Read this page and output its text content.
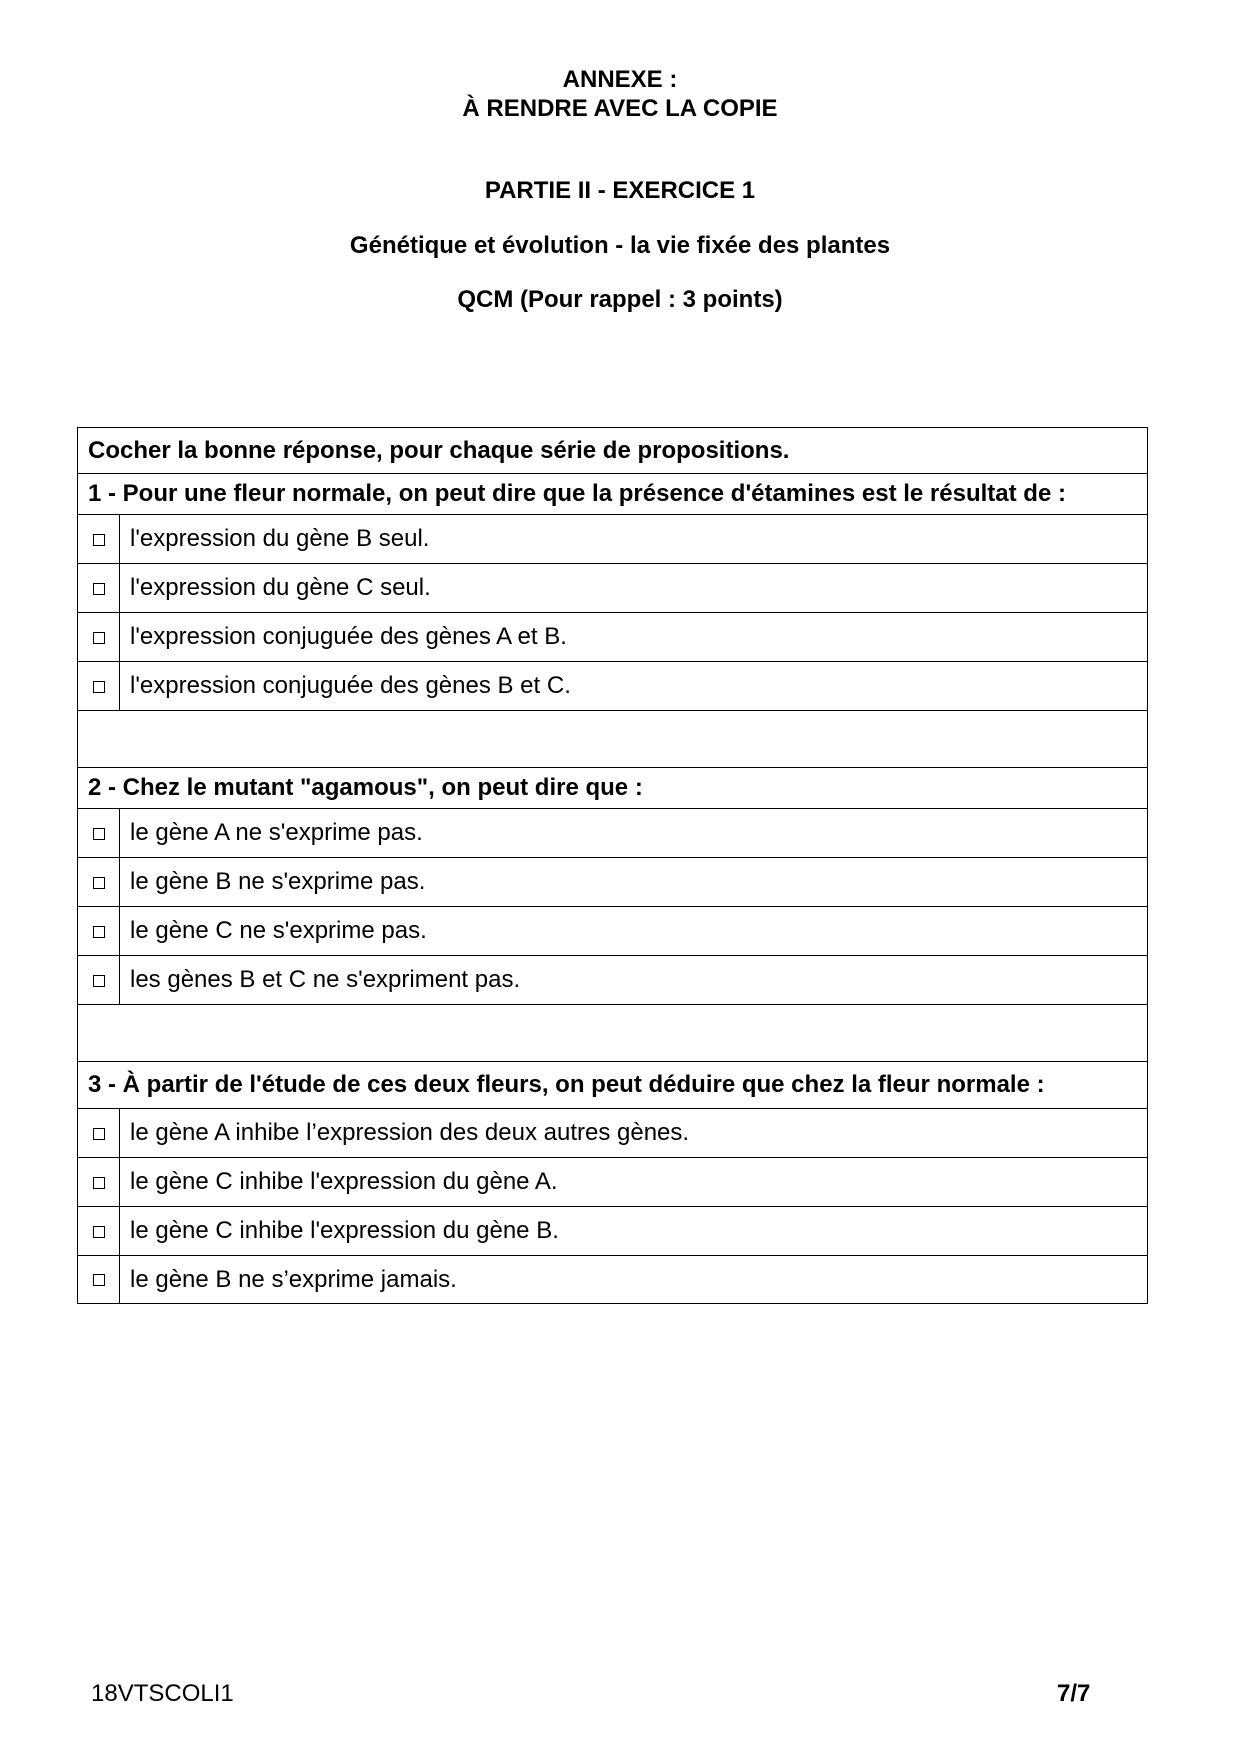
ANNEXE :
À RENDRE AVEC LA COPIE
PARTIE II - EXERCICE 1
Génétique et évolution - la vie fixée des plantes
QCM (Pour rappel : 3 points)
Cocher la bonne réponse, pour chaque série de propositions.	
1 - Pour une fleur normale, on peut dire que la présence d'étamines est le résultat de :	
	l'expression du gène B seul.
	l'expression du gène C seul.
	l'expression conjuguée des gènes A et B.
	l'expression conjuguée des gènes B et C.

2 - Chez le mutant "agamous", on peut dire que :	
	le gène A ne s'exprime pas.
	le gène B ne s'exprime pas.
	le gène C ne s'exprime pas.
	les gènes B et C ne s'expriment pas.

3 - À partir de l'étude de ces deux fleurs, on peut déduire que chez la fleur normale :	
	le gène A inhibe l’expression des deux autres gènes.
	le gène C inhibe l'expression du gène A.
	le gène C inhibe l'expression du gène B.
	le gène B ne s’exprime jamais.
18VTSCOLI1	7/7
